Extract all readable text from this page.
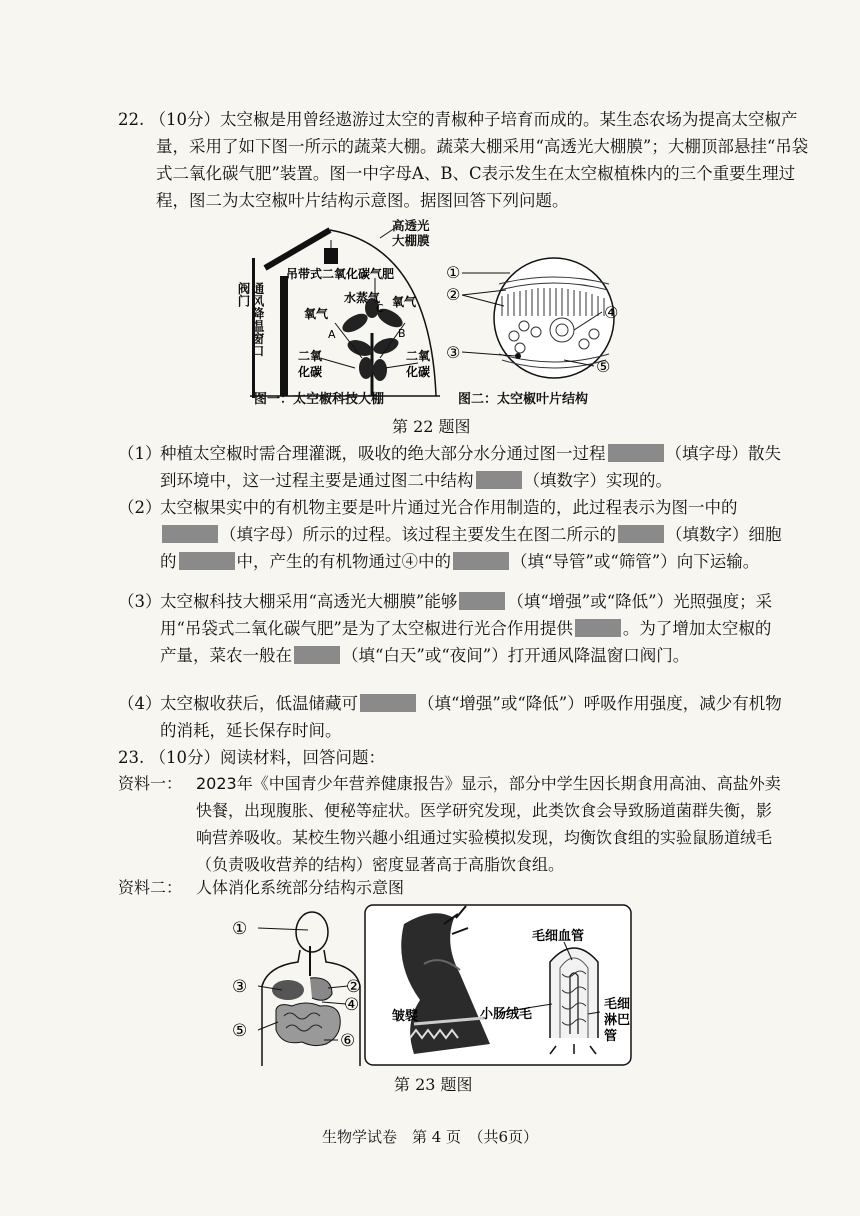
22. （10分）太空椒是用曾经遨游过太空的青椒种子培育而成的。某生态农场为提高太空椒产量，采用了如下图一所示的蔬菜大棚。蔬菜大棚采用“高透光大棚膜”；大棚顶部悬挂“吊袋式二氧化碳气肥”装置。图一中字母A、B、C表示发生在太空椒植株内的三个重要生理过程，图二为太空椒叶片结构示意图。据图回答下列问题。

水蒸气
吊带式二氧化碳气肥
氧气
氧气
A	B
C
二氧
化碳
二氧
化碳
高透光
大棚膜
通风降温窗口阀门
图一：太空椒科技大棚
①
②
③
④
⑤
图二：太空椒叶片结构
第 22 题图
（1）
种植太空椒时需合理灌溉，吸收的绝大部分水分通过图一过程	（填字母）散失到环境中，这一过程主要是通过图二中结构	（填数字）实现的。
（2）
太空椒果实中的有机物主要是叶片通过光合作用制造的，此过程表示为图一中的（填字母）所示的过程。该过程主要发生在图二所示的	（填数字）细胞的	中，产生的有机物通过④中的	（填“导管”或“筛管”）向下运输。
（3）
太空椒科技大棚采用“高透光大棚膜”能够	（填“增强”或“降低”）光照强度；采用“吊袋式二氧化碳气肥”是为了太空椒进行光合作用提供	。为了增加太空椒的产量，菜农一般在	（填“白天”或“夜间”）打开通风降温窗口阀门。
（4）
太空椒收获后，低温储藏可	（填“增强”或“降低”）呼吸作用强度，减少有机物的消耗，延长保存时间。

23. （10分）阅读材料，回答问题：

资料一： 2023年《中国青少年营养健康报告》显示，部分中学生因长期食用高油、高盐外卖快餐，出现腹胀、便秘等症状。医学研究发现，此类饮食会导致肠道菌群失衡，影响营养吸收。某校生物兴趣小组通过实验模拟发现，均衡饮食组的实验鼠肠道绒毛（负责吸收营养的结构）密度显著高于高脂饮食组。
资料二： 人体消化系统部分结构示意图
①
③	②
④
⑤	⑥
毛细血管
皱襞	小肠绒毛
毛细
淋巴
管
第 23 题图
生物学试卷　第 4 页　（共6页）
